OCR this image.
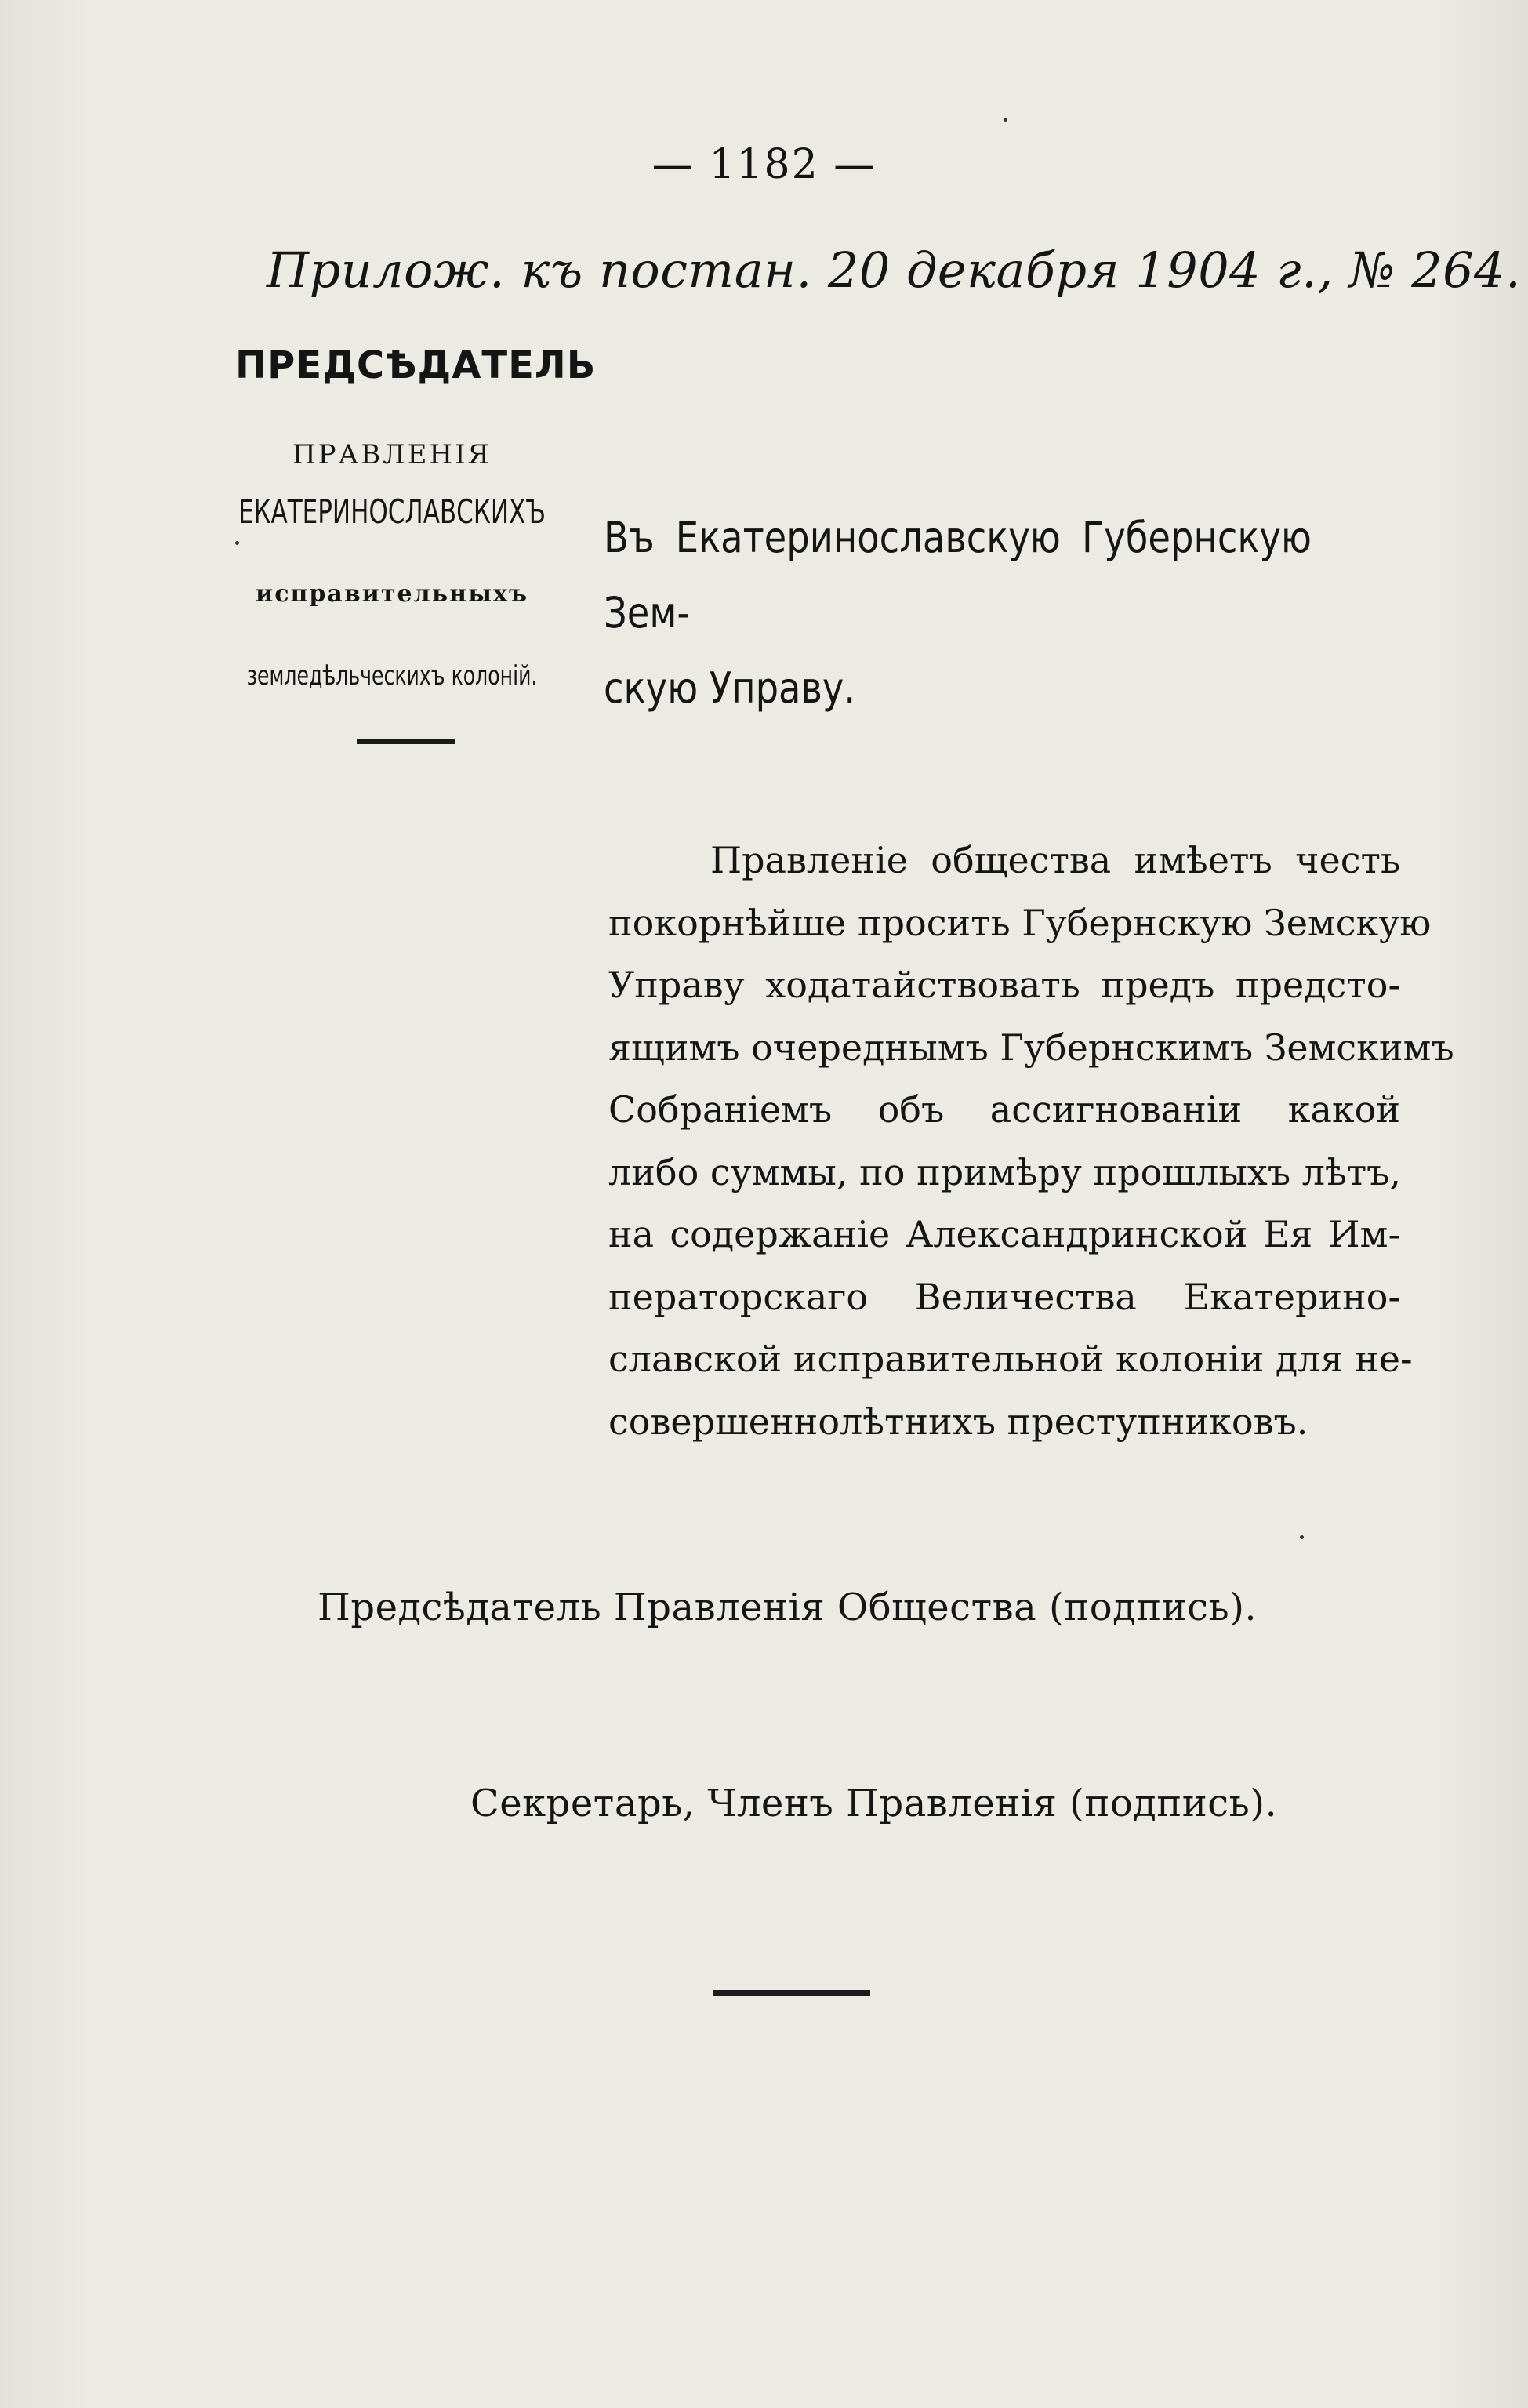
— 1182 —
Прилож. къ постан. 20 декабря 1904 г., № 264.
ПРЕДСѢДАТЕЛЬ
ПРАВЛЕНІЯ
ЕКАТЕРИНОСЛАВСКИХЪ
исправительныхъ
земледѣльческихъ колоній.
Въ Екатеринославскую Губернскую Зем-
скую Управу.
Правленіе общества имѣетъ честь
покорнѣйше просить Губернскую Земскую
Управу ходатайствовать предъ предсто-
ящимъ очереднымъ Губернскимъ Земскимъ
Собраніемъ объ ассигнованіи какой
либо суммы, по примѣру прошлыхъ лѣтъ,
на содержаніе Александринской Ея Им-
ператорскаго Величества Екатерино-
славской исправительной колоніи для не-
совершеннолѣтнихъ преступниковъ.
Предсѣдатель Правленія Общества (подпись).
Секретарь, Членъ Правленія (подпись).
